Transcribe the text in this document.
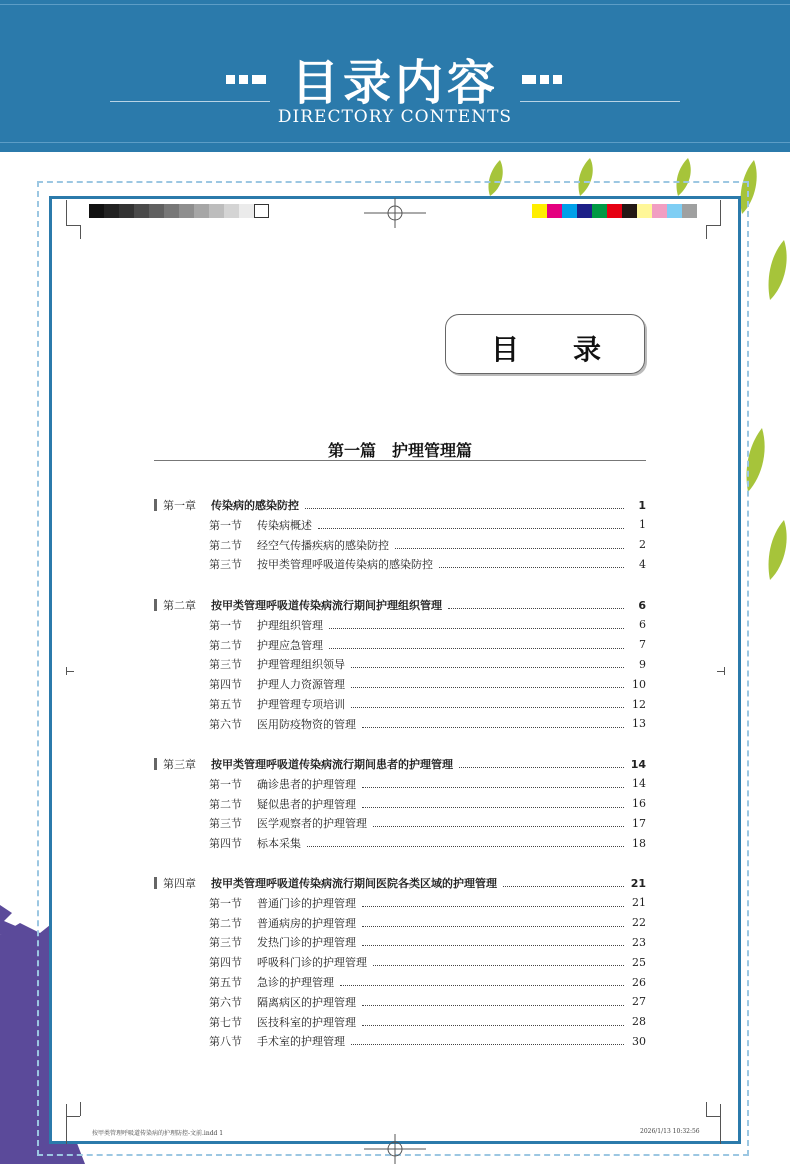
目录内容
DIRECTORY CONTENTS
目 录
第一篇　护理管理篇
第一章	传染病的感染防控	1
第一节	传染病概述	1
第二节	经空气传播疾病的感染防控	2
第三节	按甲类管理呼吸道传染病的感染防控	4
第二章	按甲类管理呼吸道传染病流行期间护理组织管理	6
第一节	护理组织管理	6
第二节	护理应急管理	7
第三节	护理管理组织领导	9
第四节	护理人力资源管理	10
第五节	护理管理专项培训	12
第六节	医用防疫物资的管理	13
第三章	按甲类管理呼吸道传染病流行期间患者的护理管理	14
第一节	确诊患者的护理管理	14
第二节	疑似患者的护理管理	16
第三节	医学观察者的护理管理	17
第四节	标本采集	18
第四章	按甲类管理呼吸道传染病流行期间医院各类区域的护理管理	21
第一节	普通门诊的护理管理	21
第二节	普通病房的护理管理	22
第三节	发热门诊的护理管理	23
第四节	呼吸科门诊的护理管理	25
第五节	急诊的护理管理	26
第六节	隔离病区的护理管理	27
第七节	医技科室的护理管理	28
第八节	手术室的护理管理	30
按甲类管理呼吸道传染病的护理防控-文前.indd 1	2026/1/13 10:32:56
